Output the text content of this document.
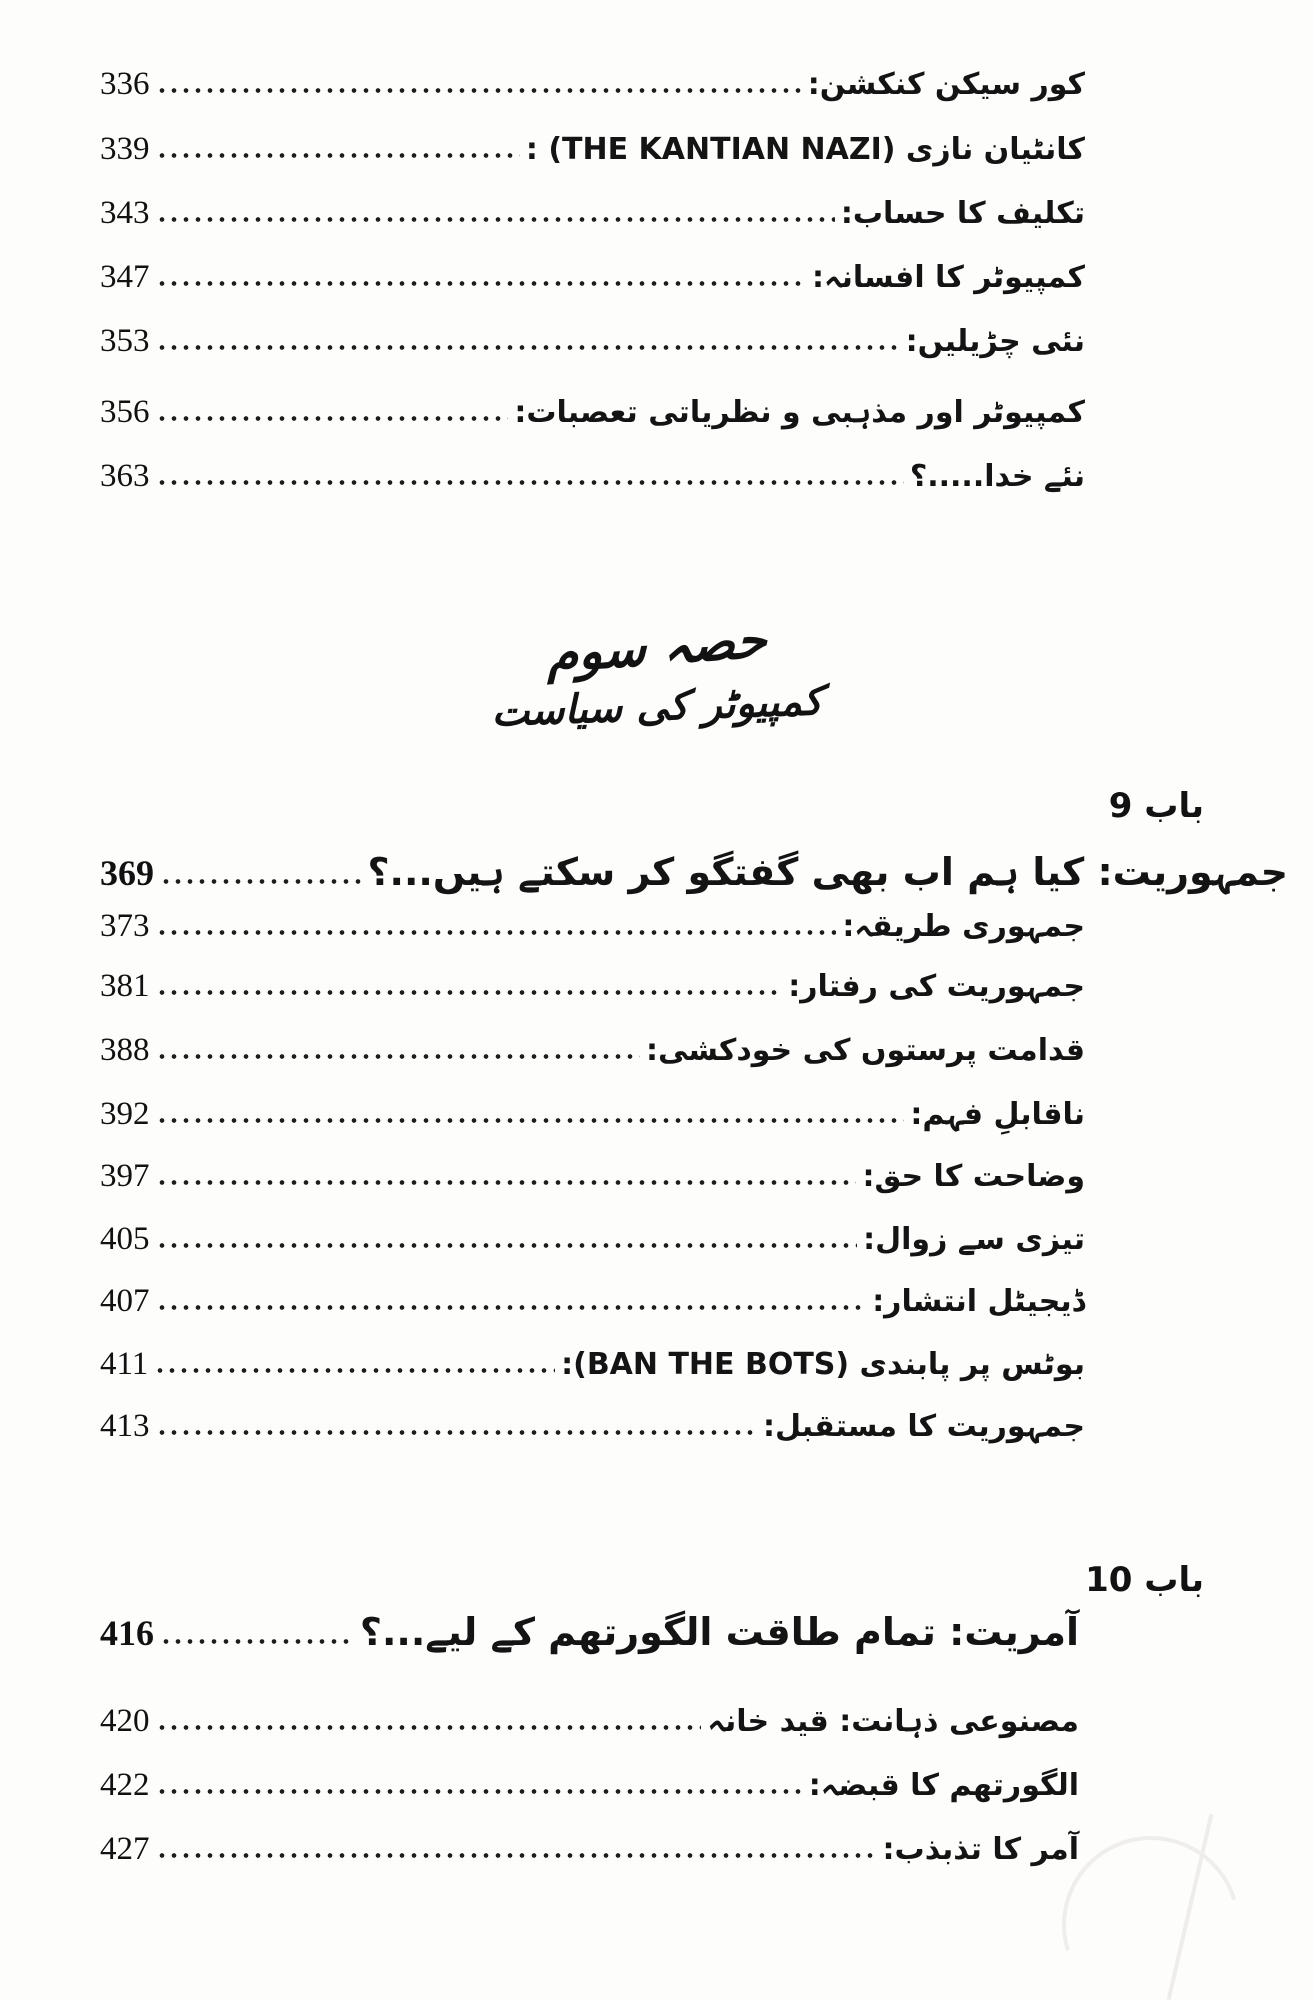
کور سیکن کنکشن:
336
کانٹیان نازی (THE KANTIAN NAZI) :
339
تکلیف کا حساب:
343
کمپیوٹر کا افسانہ:
347
نئی چڑیلیں:
353
کمپیوٹر اور مذہبی و نظریاتی تعصبات:
356
نئے خدا.....؟
363
حصہ سوم
کمپیوٹر کی سیاست
باب 9
جمہوریت: کیا ہم اب بھی گفتگو کر سکتے ہیں...؟
369
جمہوری طریقہ:
373
جمہوریت کی رفتار:
381
قدامت پرستوں کی خودکشی:
388
ناقابلِ فہم:
392
وضاحت کا حق:
397
تیزی سے زوال:
405
ڈیجیٹل انتشار:
407
بوٹس پر پابندی (BAN THE BOTS):
411
جمہوریت کا مستقبل:
413
باب 10
آمریت: تمام طاقت الگورتھم کے لیے...؟
416
مصنوعی ذہانت: قید خانہ
420
الگورتھم کا قبضہ:
422
آمر کا تذبذب:
427
